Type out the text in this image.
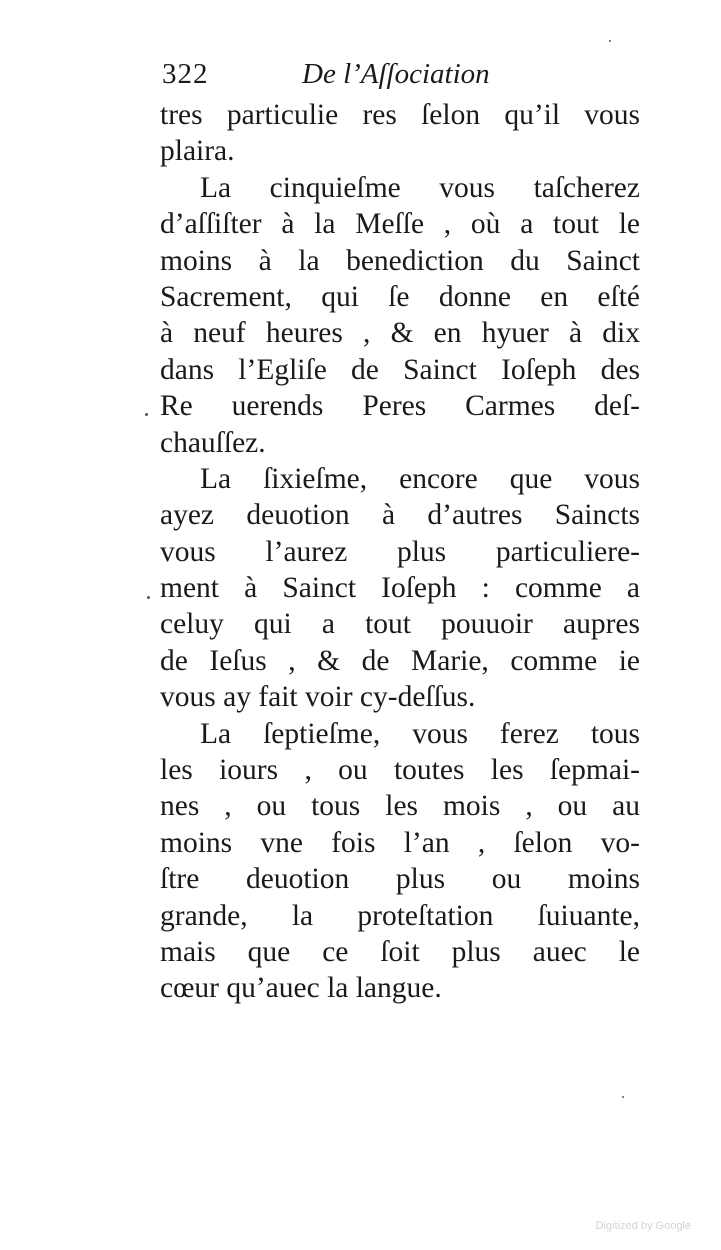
322	De l’Aſſociation
tres particulie res ſelon qu’il vous
plaira.
La cinquieſme vous taſcherez
d’aſſiſter à la Meſſe , où a tout le
moins à la benediction du Sainct
Sacrement, qui ſe donne en eſté
à neuf heures , & en hyuer à dix
dans l’Egliſe de Sainct Ioſeph des
Re uerends Peres Carmes deſ-
chauſſez.
La ſixieſme, encore que vous
ayez deuotion à d’autres Saincts
vous l’aurez plus particuliere-
ment à Sainct Ioſeph : comme a
celuy qui a tout pouuoir aupres
de Ieſus , & de Marie, comme ie
vous ay fait voir cy-deſſus.
La ſeptieſme, vous ferez tous
les iours , ou toutes les ſepmai-
nes , ou tous les mois , ou au
moins vne fois l’an , ſelon vo-
ſtre deuotion plus ou moins
grande, la proteſtation ſuiuante,
mais que ce ſoit plus auec le
cœur qu’auec la langue.
Digitized by Google
